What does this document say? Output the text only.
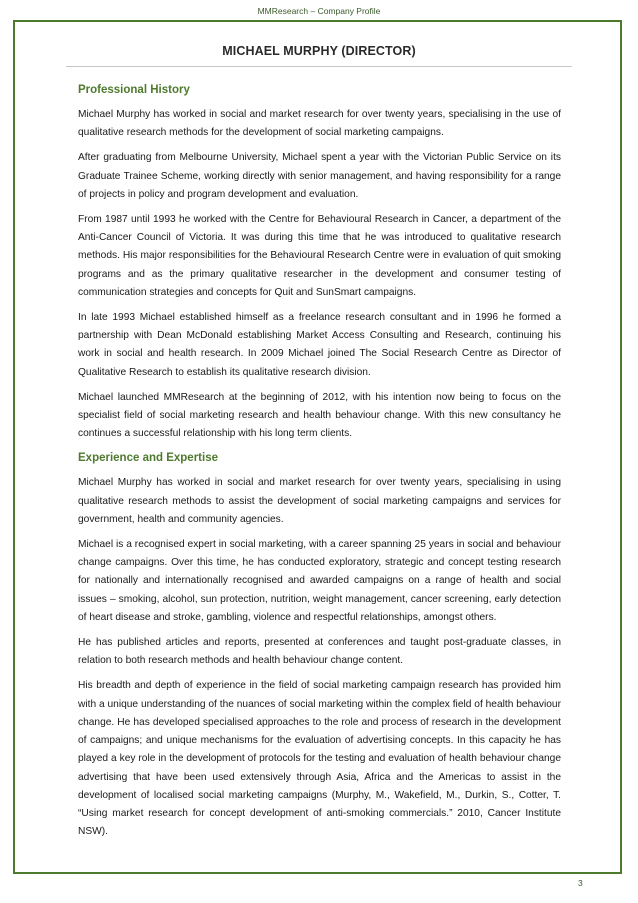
MMResearch – Company Profile
MICHAEL MURPHY (DIRECTOR)
Professional History

Michael Murphy has worked in social and market research for over twenty years, specialising in the use of qualitative research methods for the development of social marketing campaigns.

After graduating from Melbourne University, Michael spent a year with the Victorian Public Service on its Graduate Trainee Scheme, working directly with senior management, and having responsibility for a range of projects in policy and program development and evaluation.

From 1987 until 1993 he worked with the Centre for Behavioural Research in Cancer, a department of the Anti-Cancer Council of Victoria. It was during this time that he was introduced to qualitative research methods. His major responsibilities for the Behavioural Research Centre were in evaluation of quit smoking programs and as the primary qualitative researcher in the development and consumer testing of communication strategies and concepts for Quit and SunSmart campaigns.

In late 1993 Michael established himself as a freelance research consultant and in 1996 he formed a partnership with Dean McDonald establishing Market Access Consulting and Research, continuing his work in social and health research. In 2009 Michael joined The Social Research Centre as Director of Qualitative Research to establish its qualitative research division.

Michael launched MMResearch at the beginning of 2012, with his intention now being to focus on the specialist field of social marketing research and health behaviour change. With this new consultancy he continues a successful relationship with his long term clients.

Experience and Expertise

Michael Murphy has worked in social and market research for over twenty years, specialising in using qualitative research methods to assist the development of social marketing campaigns and services for government, health and community agencies.

Michael is a recognised expert in social marketing, with a career spanning 25 years in social and behaviour change campaigns. Over this time, he has conducted exploratory, strategic and concept testing research for nationally and internationally recognised and awarded campaigns on a range of health and social issues – smoking, alcohol, sun protection, nutrition, weight management, cancer screening, early detection of heart disease and stroke, gambling, violence and respectful relationships, amongst others.

He has published articles and reports, presented at conferences and taught post-graduate classes, in relation to both research methods and health behaviour change content.

His breadth and depth of experience in the field of social marketing campaign research has provided him with a unique understanding of the nuances of social marketing within the complex field of health behaviour change. He has developed specialised approaches to the role and process of research in the development of campaigns; and unique mechanisms for the evaluation of advertising concepts. In this capacity he has played a key role in the development of protocols for the testing and evaluation of health behaviour change advertising that have been used extensively through Asia, Africa and the Americas to assist in the development of localised social marketing campaigns (Murphy, M., Wakefield, M., Durkin, S., Cotter, T. “Using market research for concept development of anti-smoking commercials.” 2010, Cancer Institute NSW).

3
